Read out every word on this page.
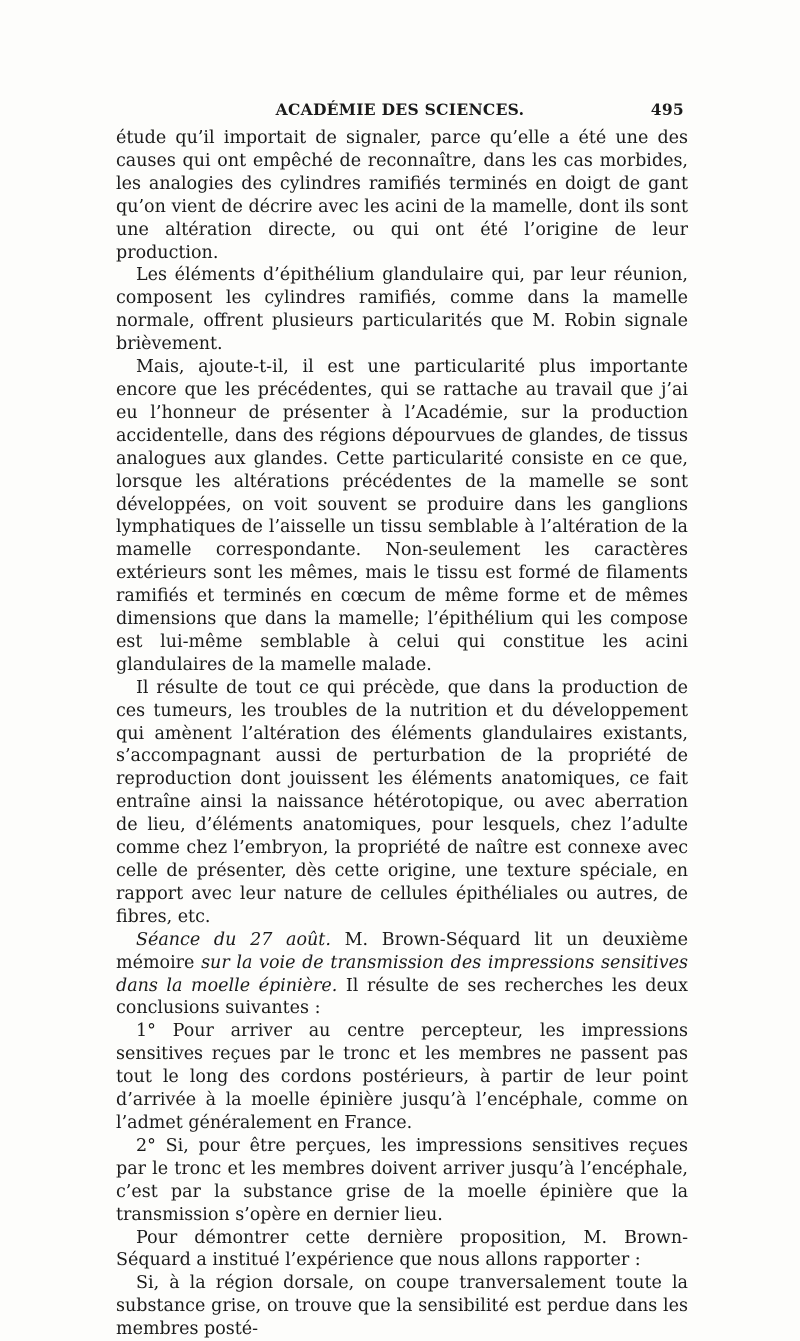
ACADÉMIE DES SCIENCES.	495

étude qu’il importait de signaler, parce qu’elle a été une des causes qui ont empêché de reconnaître, dans les cas morbides, les analogies des cylindres ramifiés terminés en doigt de gant qu’on vient de décrire avec les acini de la mamelle, dont ils sont une altération directe, ou qui ont été l’origine de leur production.

Les éléments d’épithélium glandulaire qui, par leur réunion, composent les cylindres ramifiés, comme dans la mamelle normale, offrent plusieurs particularités que M. Robin signale brièvement.

Mais, ajoute-t-il, il est une particularité plus importante encore que les précédentes, qui se rattache au travail que j’ai eu l’honneur de présenter à l’Académie, sur la production accidentelle, dans des régions dépourvues de glandes, de tissus analogues aux glandes. Cette particularité consiste en ce que, lorsque les altérations précédentes de la mamelle se sont développées, on voit souvent se produire dans les ganglions lymphatiques de l’aisselle un tissu semblable à l’altération de la mamelle correspondante. Non-seulement les caractères extérieurs sont les mêmes, mais le tissu est formé de filaments ramifiés et terminés en cœcum de même forme et de mêmes dimensions que dans la mamelle; l’épithélium qui les compose est lui-même semblable à celui qui constitue les acini glandulaires de la mamelle malade.

Il résulte de tout ce qui précède, que dans la production de ces tumeurs, les troubles de la nutrition et du développement qui amènent l’altération des éléments glandulaires existants, s’accompagnant aussi de perturbation de la propriété de reproduction dont jouissent les éléments anatomiques, ce fait entraîne ainsi la naissance hétérotopique, ou avec aberration de lieu, d’éléments anatomiques, pour lesquels, chez l’adulte comme chez l’embryon, la propriété de naître est connexe avec celle de présenter, dès cette origine, une texture spéciale, en rapport avec leur nature de cellules épithéliales ou autres, de fibres, etc.

Séance du 27 août. M. Brown-Séquard lit un deuxième mémoire sur la voie de transmission des impressions sensitives dans la moelle épinière. Il résulte de ses recherches les deux conclusions suivantes :

1° Pour arriver au centre percepteur, les impressions sensitives reçues par le tronc et les membres ne passent pas tout le long des cordons postérieurs, à partir de leur point d’arrivée à la moelle épinière jusqu’à l’encéphale, comme on l’admet généralement en France.

2° Si, pour être perçues, les impressions sensitives reçues par le tronc et les membres doivent arriver jusqu’à l’encéphale, c’est par la substance grise de la moelle épinière que la transmission s’opère en dernier lieu.

Pour démontrer cette dernière proposition, M. Brown-Séquard a institué l’expérience que nous allons rapporter :

Si, à la région dorsale, on coupe tranversalement toute la substance grise, on trouve que la sensibilité est perdue dans les membres posté-
